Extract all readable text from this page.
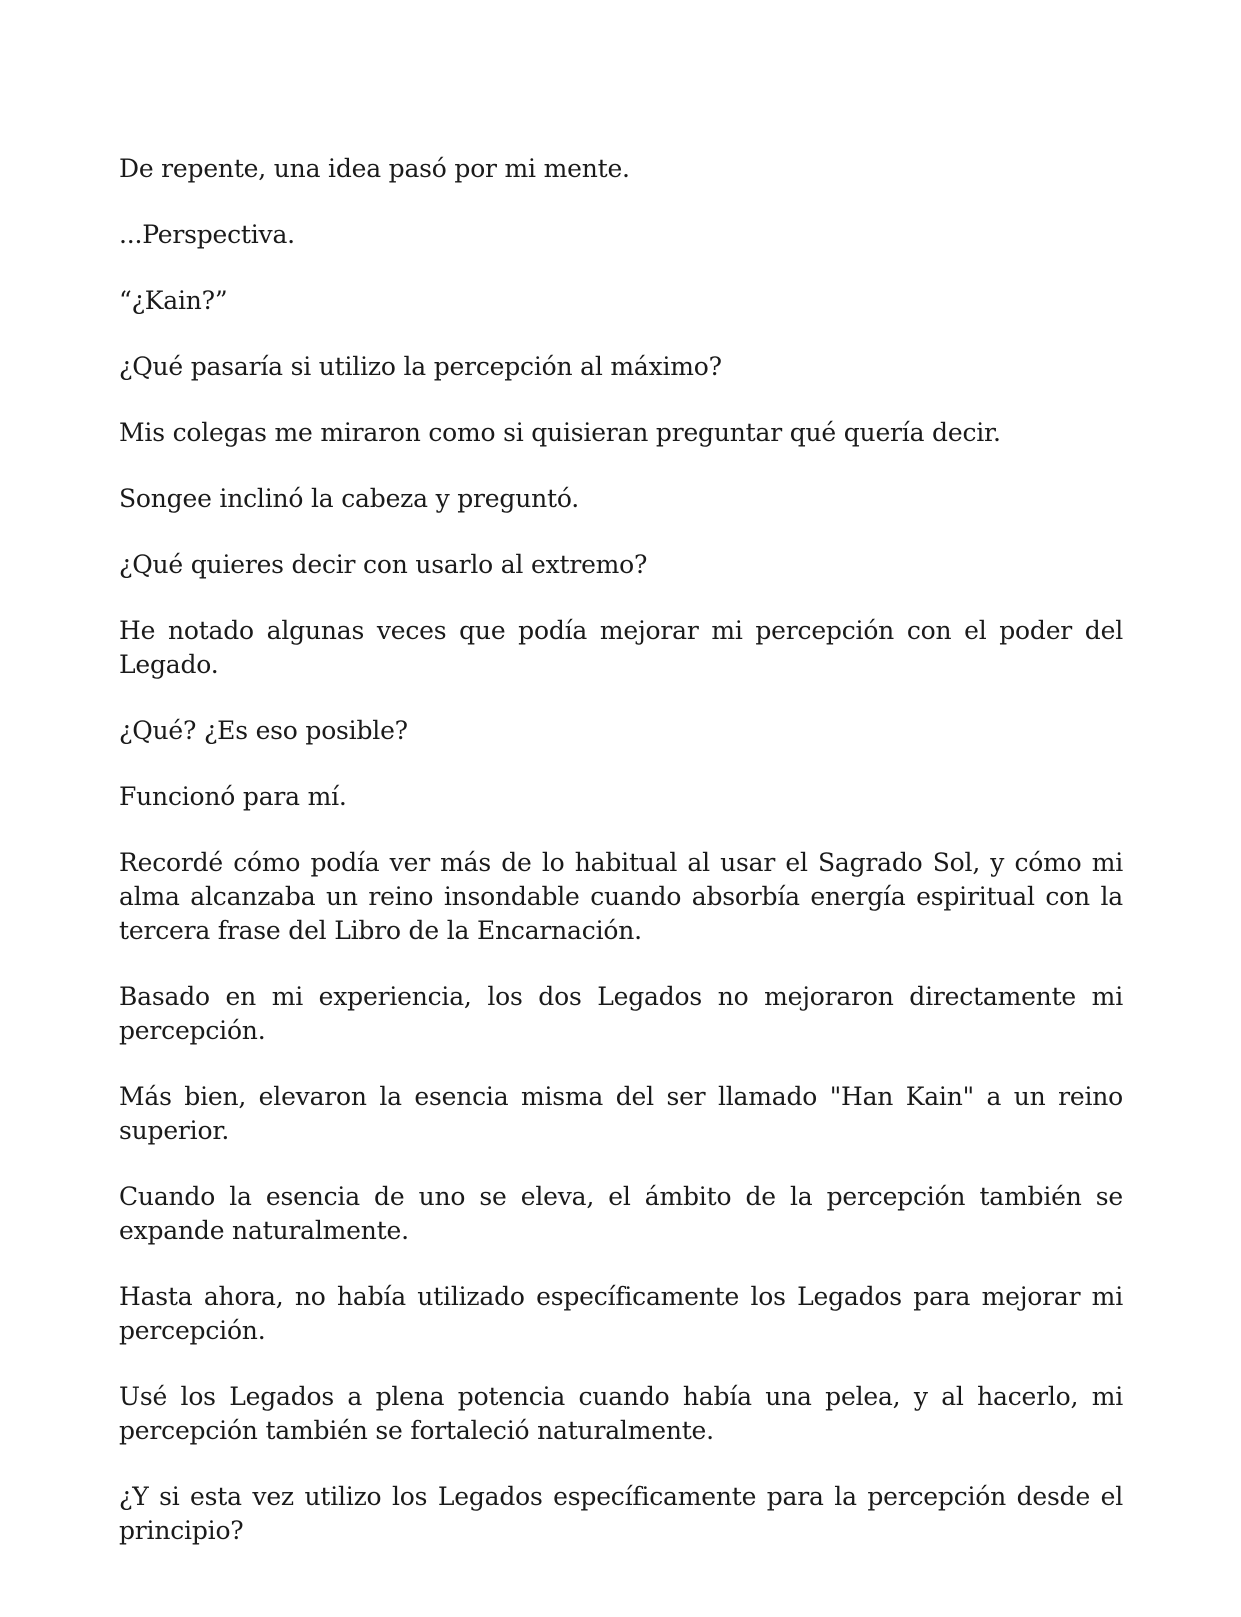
De repente, una idea pasó por mi mente.

...Perspectiva.

“¿Kain?”

¿Qué pasaría si utilizo la percepción al máximo?

Mis colegas me miraron como si quisieran preguntar qué quería decir.

Songee inclinó la cabeza y preguntó.

¿Qué quieres decir con usarlo al extremo?

He notado algunas veces que podía mejorar mi percepción con el poder del Legado.

¿Qué? ¿Es eso posible?

Funcionó para mí.

Recordé cómo podía ver más de lo habitual al usar el Sagrado Sol, y cómo mi alma alcanzaba un reino insondable cuando absorbía energía espiritual con la tercera frase del Libro de la Encarnación.

Basado en mi experiencia, los dos Legados no mejoraron directamente mi percepción.

Más bien, elevaron la esencia misma del ser llamado "Han Kain" a un reino superior.

Cuando la esencia de uno se eleva, el ámbito de la percepción también se expande naturalmente.

Hasta ahora, no había utilizado específicamente los Legados para mejorar mi percepción.

Usé los Legados a plena potencia cuando había una pelea, y al hacerlo, mi percepción también se fortaleció naturalmente.

¿Y si esta vez utilizo los Legados específicamente para la percepción desde el principio?
